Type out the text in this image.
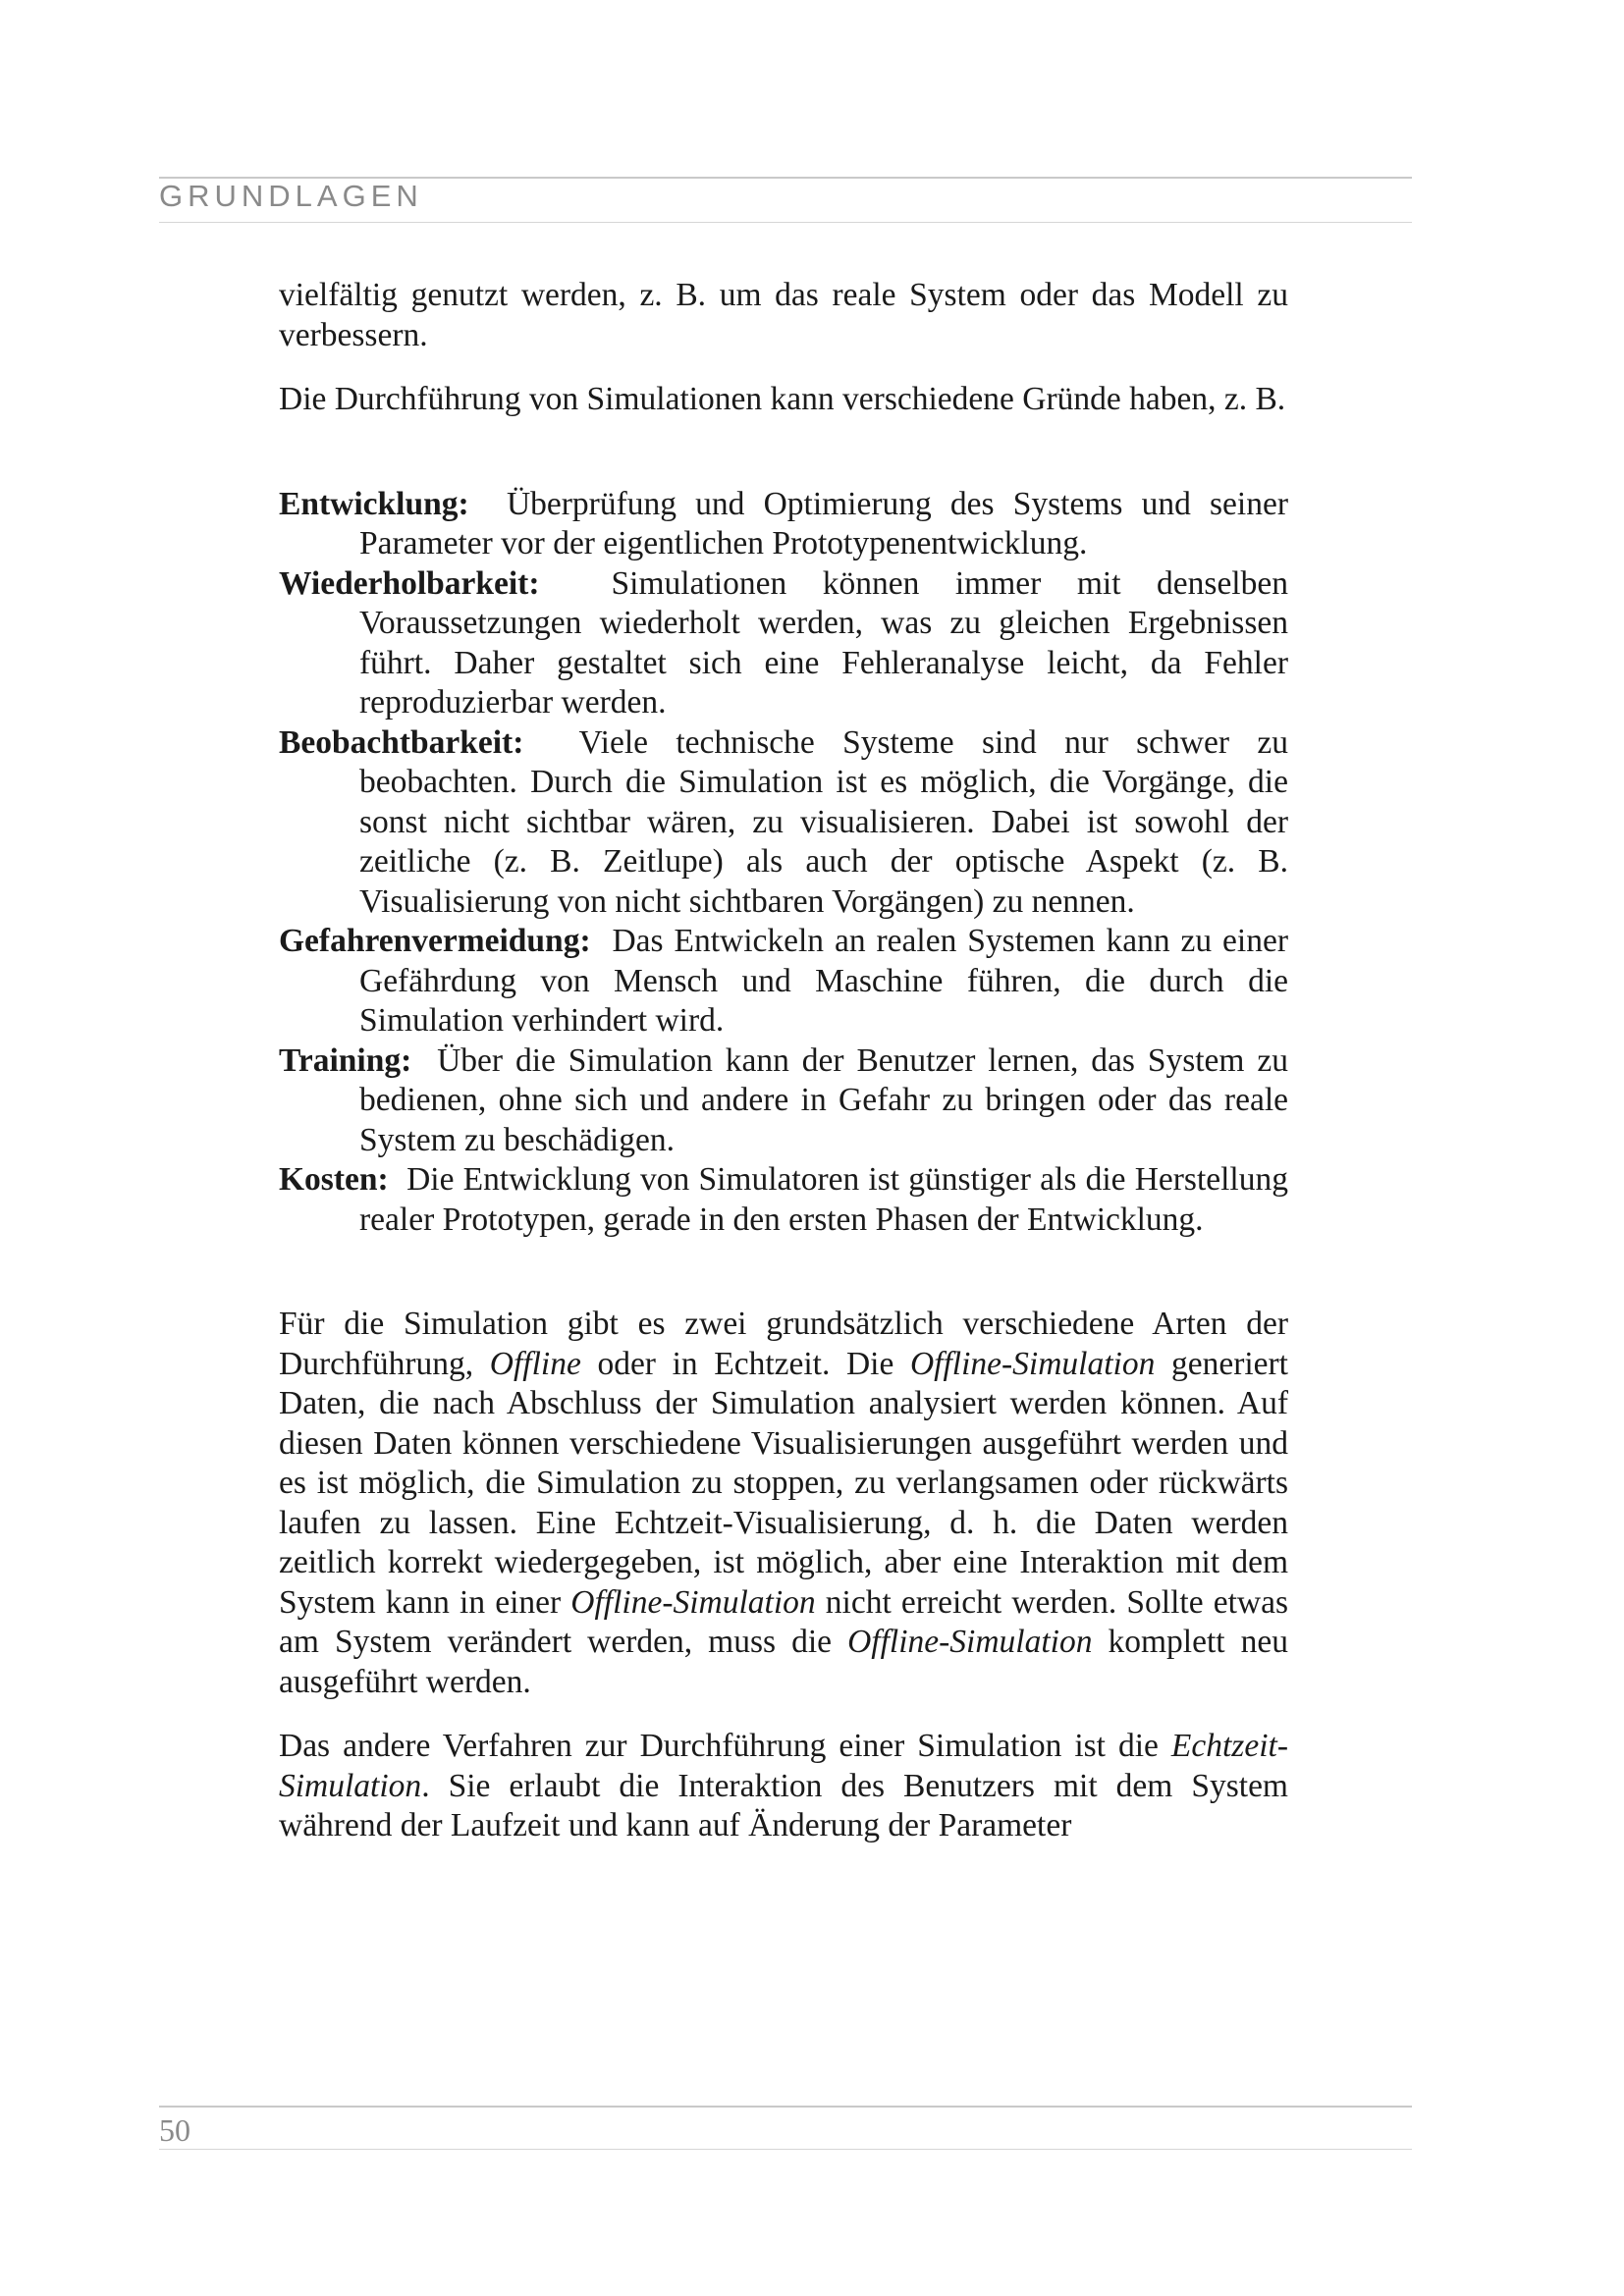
GRUNDLAGEN

vielfältig genutzt werden, z. B. um das reale System oder das Modell zu verbessern.

Die Durchführung von Simulationen kann verschiedene Gründe haben, z. B.

Entwicklung: Überprüfung und Optimierung des Systems und seiner Parameter vor der eigentlichen Prototypenentwicklung.

Wiederholbarkeit: Simulationen können immer mit denselben Voraussetzungen wiederholt werden, was zu gleichen Ergebnissen führt. Daher gestaltet sich eine Fehleranalyse leicht, da Fehler reproduzierbar werden.

Beobachtbarkeit: Viele technische Systeme sind nur schwer zu beobachten. Durch die Simulation ist es möglich, die Vorgänge, die sonst nicht sichtbar wären, zu visualisieren. Dabei ist sowohl der zeitliche (z. B. Zeitlupe) als auch der optische Aspekt (z. B. Visualisierung von nicht sichtbaren Vorgängen) zu nennen.

Gefahrenvermeidung: Das Entwickeln an realen Systemen kann zu einer Gefährdung von Mensch und Maschine führen, die durch die Simulation verhindert wird.

Training: Über die Simulation kann der Benutzer lernen, das System zu bedienen, ohne sich und andere in Gefahr zu bringen oder das reale System zu beschädigen.

Kosten: Die Entwicklung von Simulatoren ist günstiger als die Herstellung realer Prototypen, gerade in den ersten Phasen der Entwicklung.

Für die Simulation gibt es zwei grundsätzlich verschiedene Arten der Durchführung, Offline oder in Echtzeit. Die Offline-Simulation generiert Daten, die nach Abschluss der Simulation analysiert werden können. Auf diesen Daten können verschiedene Visualisierungen ausgeführt werden und es ist möglich, die Simulation zu stoppen, zu verlangsamen oder rückwärts laufen zu lassen. Eine Echtzeit-Visualisierung, d. h. die Daten werden zeitlich korrekt wiedergegeben, ist möglich, aber eine Interaktion mit dem System kann in einer Offline-Simulation nicht erreicht werden. Sollte etwas am System verändert werden, muss die Offline-Simulation komplett neu ausgeführt werden.

Das andere Verfahren zur Durchführung einer Simulation ist die Echtzeit-Simulation. Sie erlaubt die Interaktion des Benutzers mit dem System während der Laufzeit und kann auf Änderung der Parameter

50
